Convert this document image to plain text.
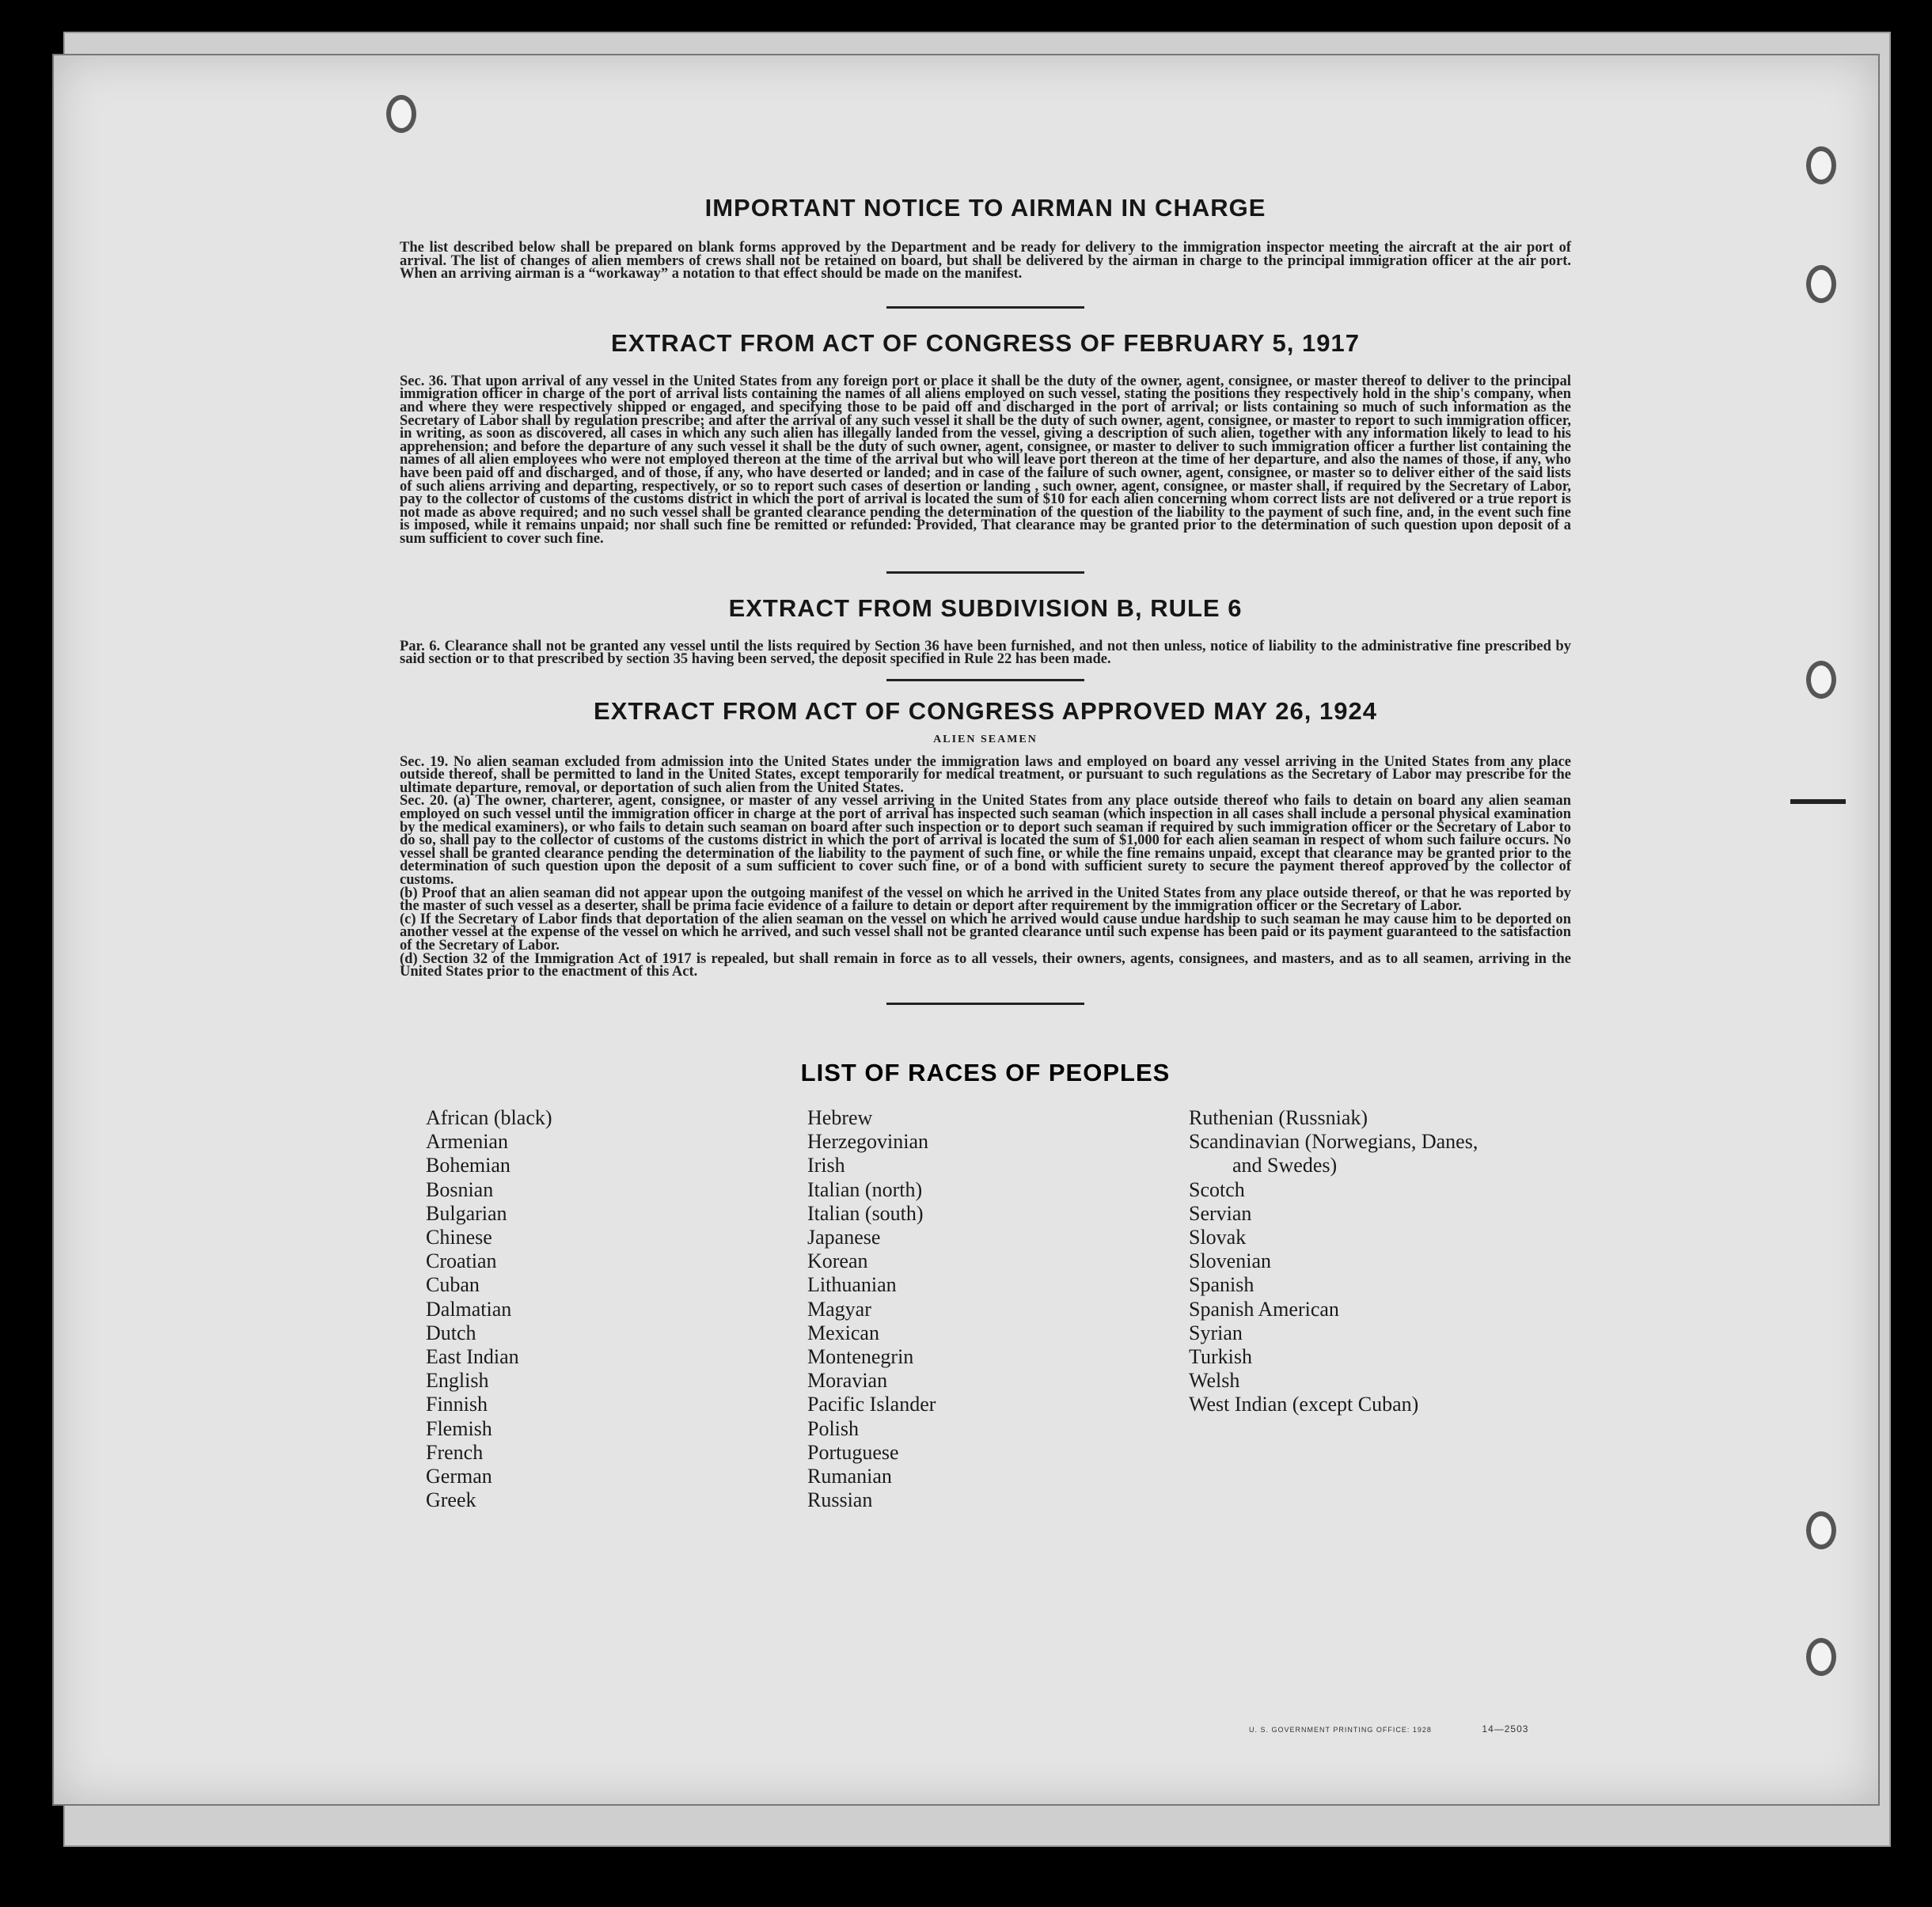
IMPORTANT NOTICE TO AIRMAN IN CHARGE

The list described below shall be prepared on blank forms approved by the Department and be ready for delivery to the immigration inspector meeting the aircraft at the air port of arrival. The list of changes of alien members of crews shall not be retained on board, but shall be delivered by the airman in charge to the principal immigration officer at the air port. When an arriving airman is a “workaway” a notation to that effect should be made on the manifest.

EXTRACT FROM ACT OF CONGRESS OF FEBRUARY 5, 1917

Sec. 36. That upon arrival of any vessel in the United States from any foreign port or place it shall be the duty of the owner, agent, consignee, or master thereof to deliver to the principal immigration officer in charge of the port of arrival lists containing the names of all aliens employed on such vessel, stating the positions they respectively hold in the ship's company, when and where they were respectively shipped or engaged, and specifying those to be paid off and discharged in the port of arrival; or lists containing so much of such information as the Secretary of Labor shall by regulation prescribe; and after the arrival of any such vessel it shall be the duty of such owner, agent, consignee, or master to report to such immigration officer, in writing, as soon as discovered, all cases in which any such alien has illegally landed from the vessel, giving a description of such alien, together with any information likely to lead to his apprehension; and before the departure of any such vessel it shall be the duty of such owner, agent, consignee, or master to deliver to such immigration officer a further list containing the names of all alien employees who were not employed thereon at the time of the arrival but who will leave port thereon at the time of her departure, and also the names of those, if any, who have been paid off and discharged, and of those, if any, who have deserted or landed; and in case of the failure of such owner, agent, consignee, or master so to deliver either of the said lists of such aliens arriving and departing, respectively, or so to report such cases of desertion or landing , such owner, agent, consignee, or master shall, if required by the Secretary of Labor, pay to the collector of customs of the customs district in which the port of arrival is located the sum of $10 for each alien concerning whom correct lists are not delivered or a true report is not made as above required; and no such vessel shall be granted clearance pending the determination of the question of the liability to the payment of such fine, and, in the event such fine is imposed, while it remains unpaid; nor shall such fine be remitted or refunded: Provided, That clearance may be granted prior to the determination of such question upon deposit of a sum sufficient to cover such fine.

EXTRACT FROM SUBDIVISION B, RULE 6

Par. 6. Clearance shall not be granted any vessel until the lists required by Section 36 have been furnished, and not then unless, notice of liability to the administrative fine prescribed by said section or to that prescribed by section 35 having been served, the deposit specified in Rule 22 has been made.

EXTRACT FROM ACT OF CONGRESS APPROVED MAY 26, 1924
ALIEN SEAMEN

Sec. 19. No alien seaman excluded from admission into the United States under the immigration laws and employed on board any vessel arriving in the United States from any place outside thereof, shall be permitted to land in the United States, except temporarily for medical treatment, or pursuant to such regulations as the Secretary of Labor may prescribe for the ultimate departure, removal, or deportation of such alien from the United States.

Sec. 20. (a) The owner, charterer, agent, consignee, or master of any vessel arriving in the United States from any place outside thereof who fails to detain on board any alien seaman employed on such vessel until the immigration officer in charge at the port of arrival has inspected such seaman (which inspection in all cases shall include a personal physical examination by the medical examiners), or who fails to detain such seaman on board after such inspection or to deport such seaman if required by such immigration officer or the Secretary of Labor to do so, shall pay to the collector of customs of the customs district in which the port of arrival is located the sum of $1,000 for each alien seaman in respect of whom such failure occurs. No vessel shall be granted clearance pending the determination of the liability to the payment of such fine, or while the fine remains unpaid, except that clearance may be granted prior to the determination of such question upon the deposit of a sum sufficient to cover such fine, or of a bond with sufficient surety to secure the payment thereof approved by the collector of customs.

(b) Proof that an alien seaman did not appear upon the outgoing manifest of the vessel on which he arrived in the United States from any place outside thereof, or that he was reported by the master of such vessel as a deserter, shall be prima facie evidence of a failure to detain or deport after requirement by the immigration officer or the Secretary of Labor.

(c) If the Secretary of Labor finds that deportation of the alien seaman on the vessel on which he arrived would cause undue hardship to such seaman he may cause him to be deported on another vessel at the expense of the vessel on which he arrived, and such vessel shall not be granted clearance until such expense has been paid or its payment guaranteed to the satisfaction of the Secretary of Labor.

(d) Section 32 of the Immigration Act of 1917 is repealed, but shall remain in force as to all vessels, their owners, agents, consignees, and masters, and as to all seamen, arriving in the United States prior to the enactment of this Act.

LIST OF RACES OF PEOPLES
African (black)
Armenian
Bohemian
Bosnian
Bulgarian
Chinese
Croatian
Cuban
Dalmatian
Dutch
East Indian
English
Finnish
Flemish
French
German
Greek
Hebrew
Herzegovinian
Irish
Italian (north)
Italian (south)
Japanese
Korean
Lithuanian
Magyar
Mexican
Montenegrin
Moravian
Pacific Islander
Polish
Portuguese
Rumanian
Russian
Ruthenian (Russniak)
Scandinavian (Norwegians, Danes,
and Swedes)
Scotch
Servian
Slovak
Slovenian
Spanish
Spanish American
Syrian
Turkish
Welsh
West Indian (except Cuban)
U. S. GOVERNMENT PRINTING OFFICE: 1928	14—2503
